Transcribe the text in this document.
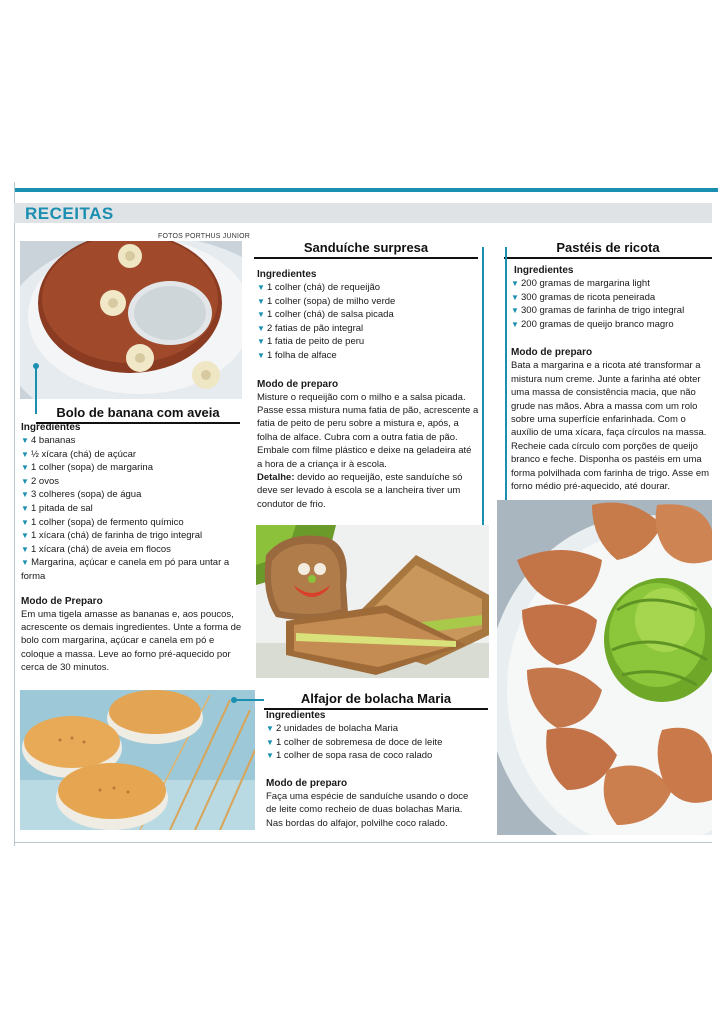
RECEITAS
FOTOS PORTHUS JUNIOR
Bolo de banana com aveia

Ingredientes

▼ 4 bananas
▼ ½ xícara (chá) de açúcar
▼ 1 colher (sopa) de margarina
▼ 2 ovos
▼ 3 colheres (sopa) de água
▼ 1 pitada de sal
▼ 1 colher (sopa) de fermento químico
▼ 1 xícara (chá) de farinha de trigo integral
▼ 1 xícara (chá) de aveia em flocos
▼ Margarina, açúcar e canela em pó para untar a forma

Modo de Preparo

Em uma tigela amasse as bananas e, aos poucos, acrescente os demais ingredientes. Unte a forma de bolo com margarina, açúcar e canela em pó e coloque a massa. Leve ao forno pré-aquecido por cerca de 30 minutos.

Sanduíche surpresa

Ingredientes

▼ 1 colher (chá) de requeijão
▼ 1 colher (sopa) de milho verde
▼ 1 colher (chá) de salsa picada
▼ 2 fatias de pão integral
▼ 1 fatia de peito de peru
▼ 1 folha de alface

Modo de preparo

Misture o requeijão com o milho e a salsa picada. Passe essa mistura numa fatia de pão, acrescente a fatia de peito de peru sobre a mistura e, após, a folha de alface. Cubra com a outra fatia de pão. Embale com filme plástico e deixe na geladeira até a hora de a criança ir à escola.

Detalhe: devido ao requeijão, este sanduíche só deve ser levado à escola se a lancheira tiver um condutor de frio.

Pastéis de ricota

Ingredientes

▼ 200 gramas de margarina light
▼ 300 gramas de ricota peneirada
▼ 300 gramas de farinha de trigo integral
▼ 200 gramas de queijo branco magro

Modo de preparo

Bata a margarina e a ricota até transformar a mistura num creme. Junte a farinha até obter uma massa de consistência macia, que não grude nas mãos. Abra a massa com um rolo sobre uma superfície enfarinhada. Com o auxílio de uma xícara, faça círculos na massa. Recheie cada círculo com porções de queijo branco e feche. Disponha os pastéis em uma forma polvilhada com farinha de trigo. Asse em forno médio pré-aquecido, até dourar.

Alfajor de bolacha Maria

Ingredientes

▼ 2 unidades de bolacha Maria
▼ 1 colher de sobremesa de doce de leite
▼ 1 colher de sopa rasa de coco ralado

Modo de preparo

Faça uma espécie de sanduíche usando o doce de leite como recheio de duas bolachas Maria. Nas bordas do alfajor, polvilhe coco ralado.
